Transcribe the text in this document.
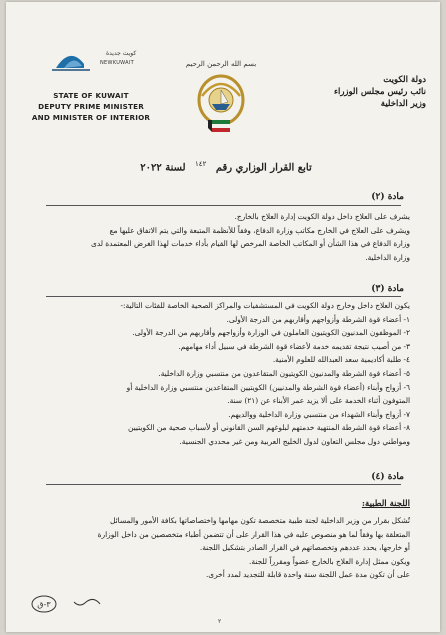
كويت جديدة
NEWKUWAIT	بسم الله الرحمن الرحيم
STATE OF KUWAIT
DEPUTY PRIME MINISTER
AND MINISTER OF INTERIOR
دولة الكويت
نائب رئيس مجلس الوزراء
وزير الداخلية
تابع القرار الوزاري رقم $^{١٤٢}$ لسنة ٢٠٢٢
مادة (٢)

يشرف على العلاج داخل دولة الكويت إدارة العلاج بالخارج.

ويشرف على العلاج في الخارج مكاتب وزارة الدفاع، وفقاً للأنظمة المتبعة والتي يتم الاتفاق عليها مع

وزارة الدفاع في هذا الشأن أو المكاتب الخاصة المرخص لها القيام بأداء خدمات لهذا الغرض المعتمدة لدى

وزارة الداخلية.

مادة (٣)

يكون العلاج داخل وخارج دولة الكويت في المستشفيات والمراكز الصحية الخاصة للفئات التالية:-

١- أعضاء قوة الشرطة وأزواجهم وأقاربهم من الدرجة الأولى.

٢- الموظفون المدنيون الكويتيون العاملون في الوزارة وأزواجهم وأقاربهم من الدرجة الأولى.

٣- من أصيب نتيجة تقديمه خدمة لأعضاء قوة الشرطة في سبيل أداء مهامهم.

٤- طلبة أكاديمية سعد العبدالله للعلوم الأمنية.

٥- أعضاء قوة الشرطة والمدنيون الكويتيون المتقاعدون من منتسبي وزارة الداخلية.

٦- أزواج وأبناء (أعضاء قوة الشرطة والمدنيين) الكويتيين المتقاعدين منتسبي وزارة الداخلية أو

المتوفون أثناء الخدمة على ألا يزيد عمر الأبناء عن (٢١) سنة.

٧- أزواج وأبناء الشهداء من منتسبي وزارة الداخلية ووالديهم.

٨- أعضاء قوة الشرطة المنتهية خدمتهم لبلوغهم السن القانوني أو لأسباب صحية من الكويتيين

ومواطني دول مجلس التعاون لدول الخليج العربية ومن غير محددي الجنسية.

مادة (٤)
اللجنة الطبية:

تُشكل بقرار من وزير الداخلية لجنة طبية متخصصة تكون مهامها واختصاصاتها بكافة الأمور والمسائل

المتعلقة بها وفقاً لما هو منصوص عليه في هذا القرار على أن تتضمن أطباء متخصصين من داخل الوزارة

أو خارجها، يحدد عددهم وتخصصاتهم في القرار الصادر بتشكيل اللجنة.

ويكون ممثل إدارة العلاج بالخارج عضواً ومقرراً للجنة.

على أن تكون مدة عمل اللجنة سنة واحدة قابلة للتجديد لمدد أخرى.

٣-ق
٢
